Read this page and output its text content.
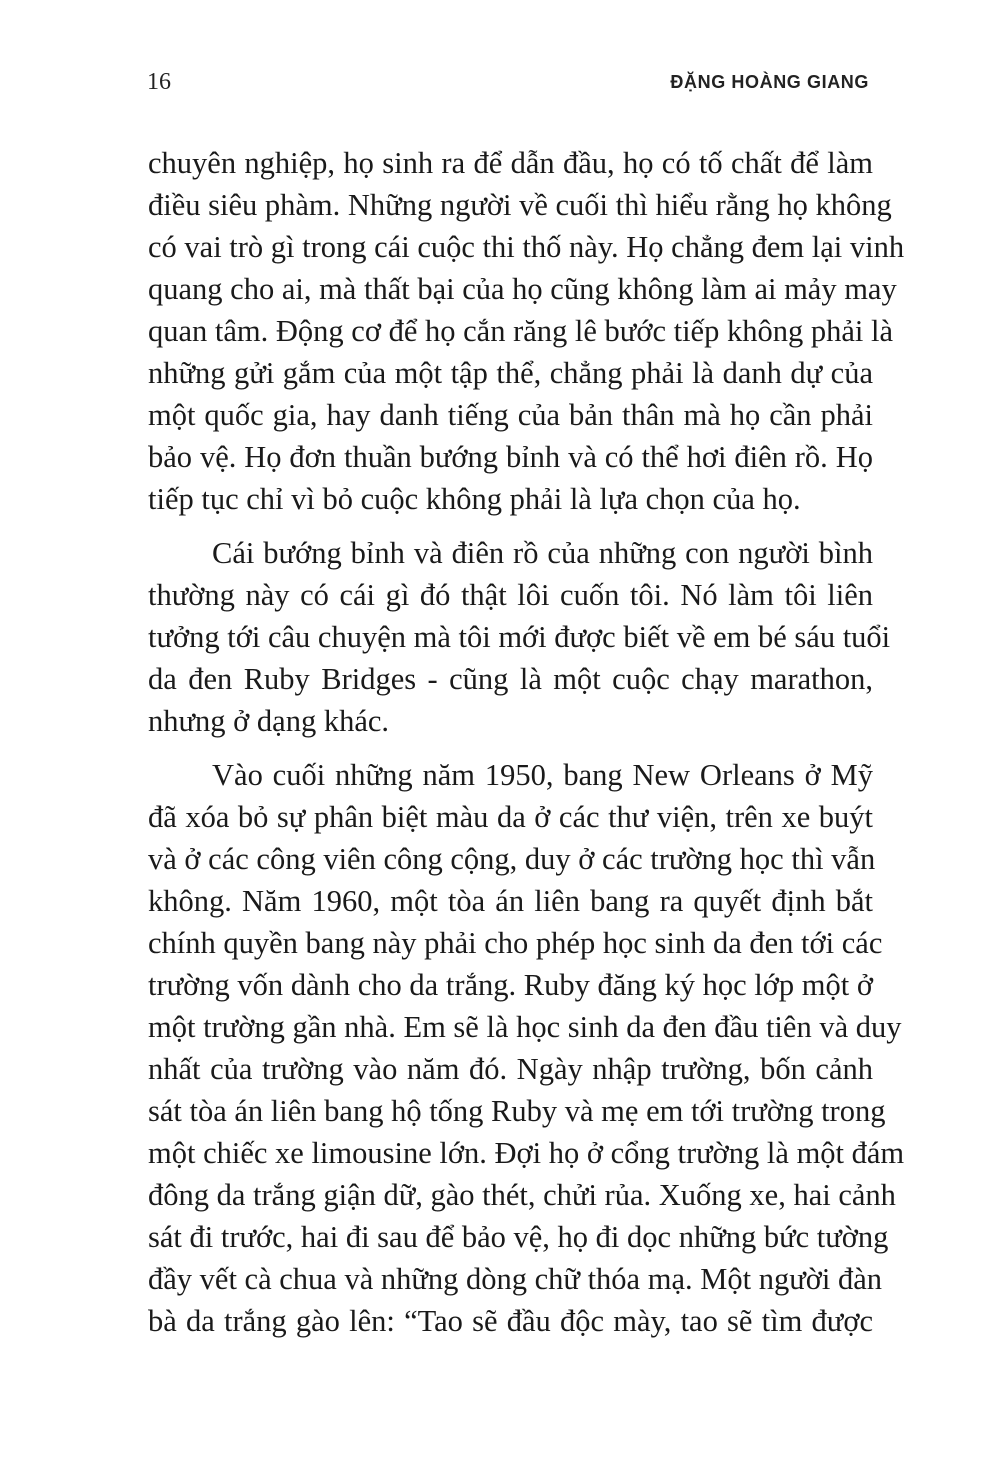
16	ĐẶNG HOÀNG GIANG
chuyên nghiệp, họ sinh ra để dẫn đầu, họ có tố chất để làm
điều siêu phàm. Những người về cuối thì hiểu rằng họ không
có vai trò gì trong cái cuộc thi thố này. Họ chẳng đem lại vinh
quang cho ai, mà thất bại của họ cũng không làm ai mảy may
quan tâm. Động cơ để họ cắn răng lê bước tiếp không phải là
những gửi gắm của một tập thể, chẳng phải là danh dự của
một quốc gia, hay danh tiếng của bản thân mà họ cần phải
bảo vệ. Họ đơn thuần bướng bỉnh và có thể hơi điên rồ. Họ
tiếp tục chỉ vì bỏ cuộc không phải là lựa chọn của họ.
Cái bướng bỉnh và điên rồ của những con người bình
thường này có cái gì đó thật lôi cuốn tôi. Nó làm tôi liên
tưởng tới câu chuyện mà tôi mới được biết về em bé sáu tuổi
da đen Ruby Bridges - cũng là một cuộc chạy marathon,
nhưng ở dạng khác.
Vào cuối những năm 1950, bang New Orleans ở Mỹ
đã xóa bỏ sự phân biệt màu da ở các thư viện, trên xe buýt
và ở các công viên công cộng, duy ở các trường học thì vẫn
không. Năm 1960, một tòa án liên bang ra quyết định bắt
chính quyền bang này phải cho phép học sinh da đen tới các
trường vốn dành cho da trắng. Ruby đăng ký học lớp một ở
một trường gần nhà. Em sẽ là học sinh da đen đầu tiên và duy
nhất của trường vào năm đó. Ngày nhập trường, bốn cảnh
sát tòa án liên bang hộ tống Ruby và mẹ em tới trường trong
một chiếc xe limousine lớn. Đợi họ ở cổng trường là một đám
đông da trắng giận dữ, gào thét, chửi rủa. Xuống xe, hai cảnh
sát đi trước, hai đi sau để bảo vệ, họ đi dọc những bức tường
đầy vết cà chua và những dòng chữ thóa mạ. Một người đàn
bà da trắng gào lên: “Tao sẽ đầu độc mày, tao sẽ tìm được
